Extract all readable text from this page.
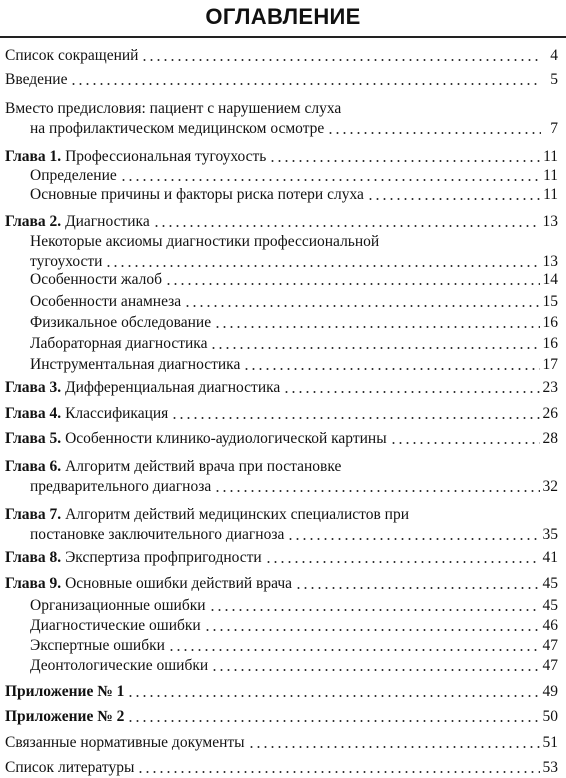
ОГЛАВЛЕНИЕ
Список сокращений	4
Введение	5
Вместо предисловия: пациент с нарушением слуха
на профилактическом медицинском осмотре	7
Глава 1. Профессиональная тугоухость	11
Определение	11
Основные причины и факторы риска потери слуха	11
Глава 2. Диагностика	13
Некоторые аксиомы диагностики профессиональной
тугоухости	13
Особенности жалоб	14
Особенности анамнеза	15
Физикальное обследование	16
Лабораторная диагностика	16
Инструментальная диагностика	17
Глава 3. Дифференциальная диагностика	23
Глава 4. Классификация	26
Глава 5. Особенности клинико-аудиологической картины	28
Глава 6. Алгоритм действий врача при постановке
предварительного диагноза	32
Глава 7. Алгоритм действий медицинских специалистов при
постановке заключительного диагноза	35
Глава 8. Экспертиза профпригодности	41
Глава 9. Основные ошибки действий врача	45
Организационные ошибки	45
Диагностические ошибки	46
Экспертные ошибки	47
Деонтологические ошибки	47
Приложение № 1	49
Приложение № 2	50
Связанные нормативные документы	51
Список литературы	53
